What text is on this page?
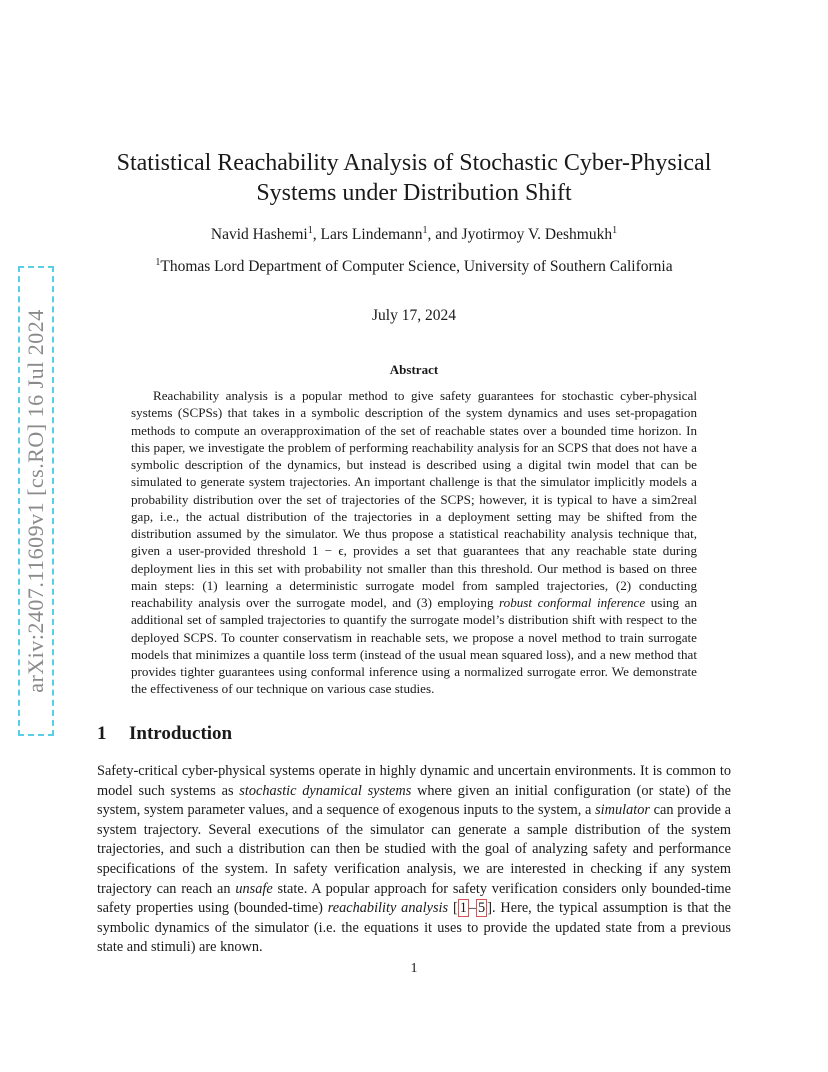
arXiv:2407.11609v1 [cs.RO] 16 Jul 2024
Statistical Reachability Analysis of Stochastic Cyber-Physical
Systems under Distribution Shift
Navid Hashemi$^1$, Lars Lindemann$^1$, and Jyotirmoy V. Deshmukh$^1$
$^1$Thomas Lord Department of Computer Science, University of Southern California
July 17, 2024
Abstract

Reachability analysis is a popular method to give safety guarantees for stochastic cyber-physical systems (SCPSs) that takes in a symbolic description of the system dynamics and uses set-propagation methods to compute an overapproximation of the set of reachable states over a bounded time horizon. In this paper, we investigate the problem of performing reachability analysis for an SCPS that does not have a symbolic description of the dynamics, but instead is described using a digital twin model that can be simulated to generate system trajectories. An important challenge is that the simulator implicitly models a probability distribution over the set of trajectories of the SCPS; however, it is typical to have a sim2real gap, i.e., the actual distribution of the trajectories in a deployment setting may be shifted from the distribution assumed by the simulator. We thus propose a statistical reachability analysis technique that, given a user-provided threshold 1 − ϵ, provides a set that guarantees that any reachable state during deployment lies in this set with probability not smaller than this threshold. Our method is based on three main steps: (1) learning a deterministic surrogate model from sampled trajectories, (2) conducting reachability analysis over the surrogate model, and (3) employing robust conformal inference using an additional set of sampled trajectories to quantify the surrogate model’s distribution shift with respect to the deployed SCPS. To counter conservatism in reachable sets, we propose a novel method to train surrogate models that minimizes a quantile loss term (instead of the usual mean squared loss), and a new method that provides tighter guarantees using conformal inference using a normalized surrogate error. We demonstrate the effectiveness of our technique on various case studies.

1 Introduction

Safety-critical cyber-physical systems operate in highly dynamic and uncertain environments. It is common to model such systems as stochastic dynamical systems where given an initial configuration (or state) of the system, system parameter values, and a sequence of exogenous inputs to the system, a simulator can provide a system trajectory. Several executions of the simulator can generate a sample distribution of the system trajectories, and such a distribution can then be studied with the goal of analyzing safety and performance specifications of the system. In safety verification analysis, we are interested in checking if any system trajectory can reach an unsafe state. A popular approach for safety verification considers only bounded-time safety properties using (bounded-time) reachability analysis [ 1 – 5 ]. Here, the typical assumption is that the symbolic dynamics of the simulator (i.e. the equations it uses to provide the updated state from a previous state and stimuli) are known.

1
